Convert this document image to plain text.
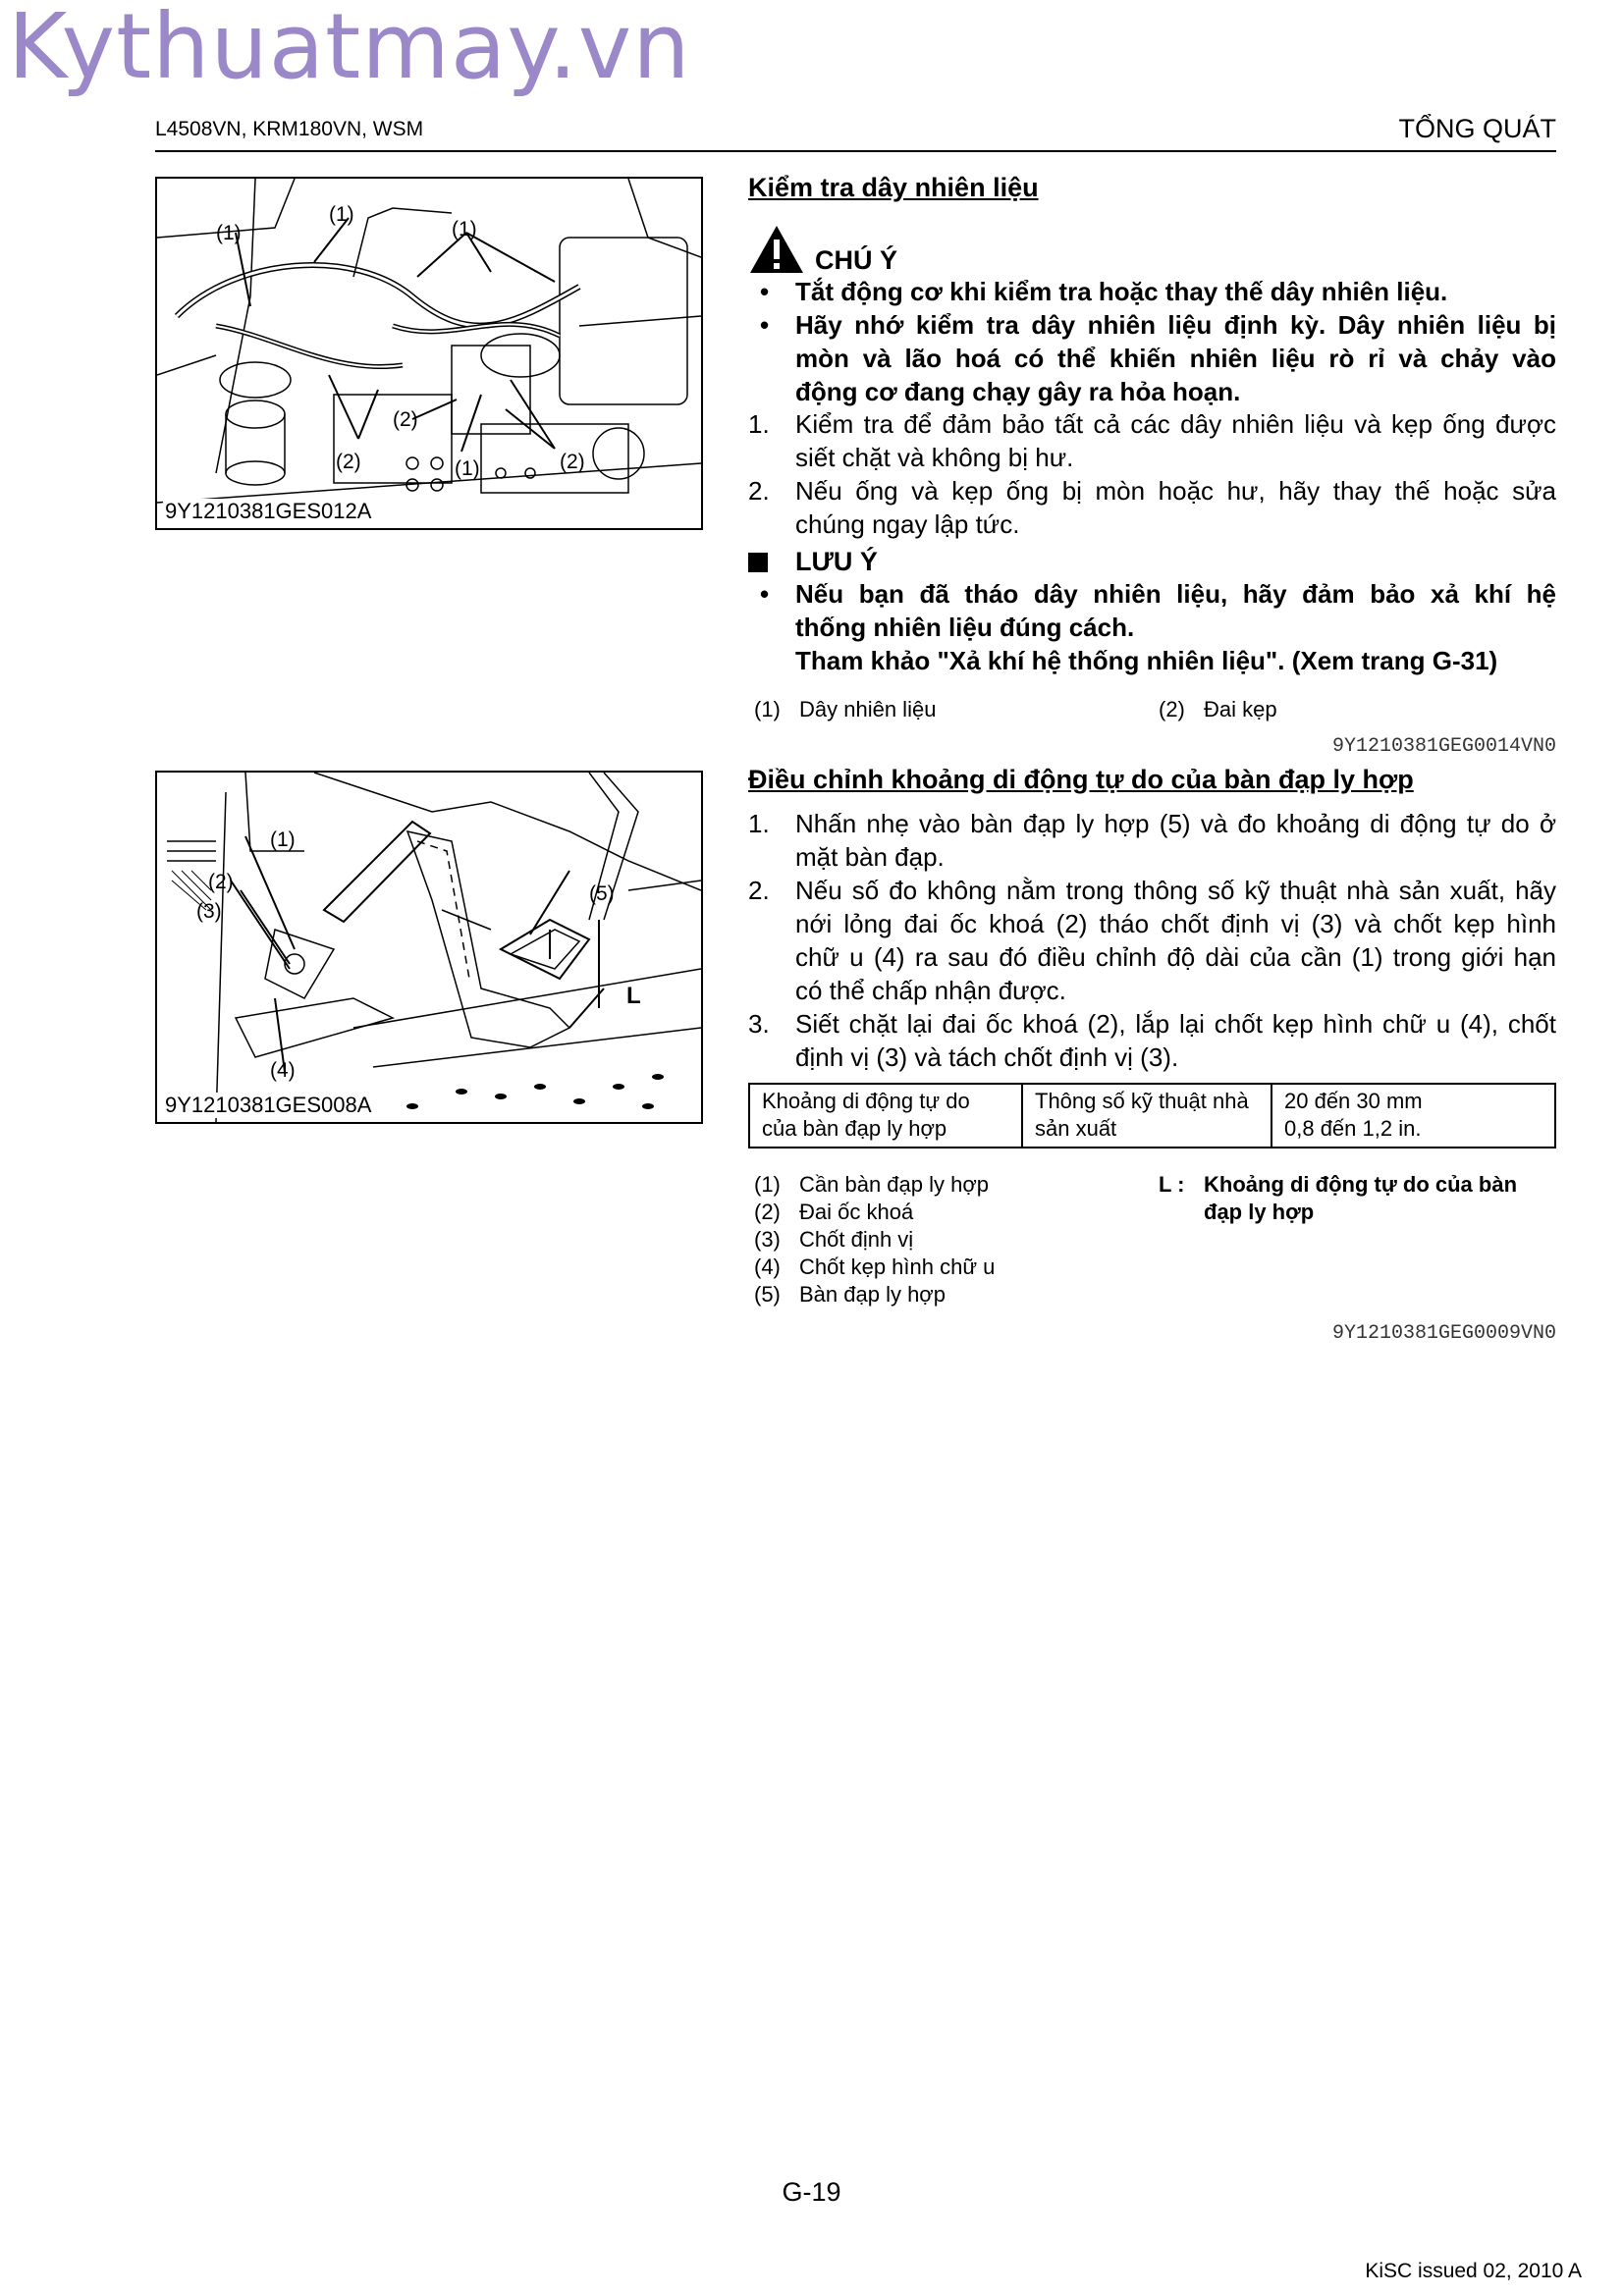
Kythuatmay.vn
L4508VN, KRM180VN, WSM	TỔNG QUÁT
(1)
(1)
(1)
(2)
(2)	(1)	(2)
9Y1210381GES012A
Kiểm tra dây nhiên liệu
CHÚ Ý
• Tắt động cơ khi kiểm tra hoặc thay thế dây nhiên liệu.
• Hãy nhớ kiểm tra dây nhiên liệu định kỳ. Dây nhiên liệu bị
mòn và lão hoá có thể khiến nhiên liệu rò rỉ và chảy vào
động cơ đang chạy gây ra hỏa hoạn.
1. Kiểm tra để đảm bảo tất cả các dây nhiên liệu và kẹp ống được
siết chặt và không bị hư.
2. Nếu ống và kẹp ống bị mòn hoặc hư, hãy thay thế hoặc sửa
chúng ngay lập tức.
LƯU Ý
• Nếu bạn đã tháo dây nhiên liệu, hãy đảm bảo xả khí hệ
thống nhiên liệu đúng cách.
Tham khảo "Xả khí hệ thống nhiên liệu". (Xem trang G-31)
(1) Dây nhiên liệu	(2) Đai kẹp
9Y1210381GEG0014VN0
(1)
(2)
(3)
(5)
(4)
L
9Y1210381GES008A
Điều chỉnh khoảng di động tự do của bàn đạp ly hợp
1. Nhấn nhẹ vào bàn đạp ly hợp (5) và đo khoảng di động tự do ở
mặt bàn đạp.
2. Nếu số đo không nằm trong thông số kỹ thuật nhà sản xuất, hãy
nới lỏng đai ốc khoá (2) tháo chốt định vị (3) và chốt kẹp hình
chữ u (4) ra sau đó điều chỉnh độ dài của cần (1) trong giới hạn
có thể chấp nhận được.
3. Siết chặt lại đai ốc khoá (2), lắp lại chốt kẹp hình chữ u (4), chốt
định vị (3) và tách chốt định vị (3).
Khoảng di động tự do
của bàn đạp ly hợp

Thông số kỹ thuật nhà
sản xuất

20 đến 30 mm
0,8 đến 1,2 in.
(1) Cần bàn đạp ly hợp
(2) Đai ốc khoá
(3) Chốt định vị
(4) Chốt kẹp hình chữ u
(5) Bàn đạp ly hợp
L : Khoảng di động tự do của bàn
đạp ly hợp
9Y1210381GEG0009VN0
G-19
KiSC issued 02, 2010 A
